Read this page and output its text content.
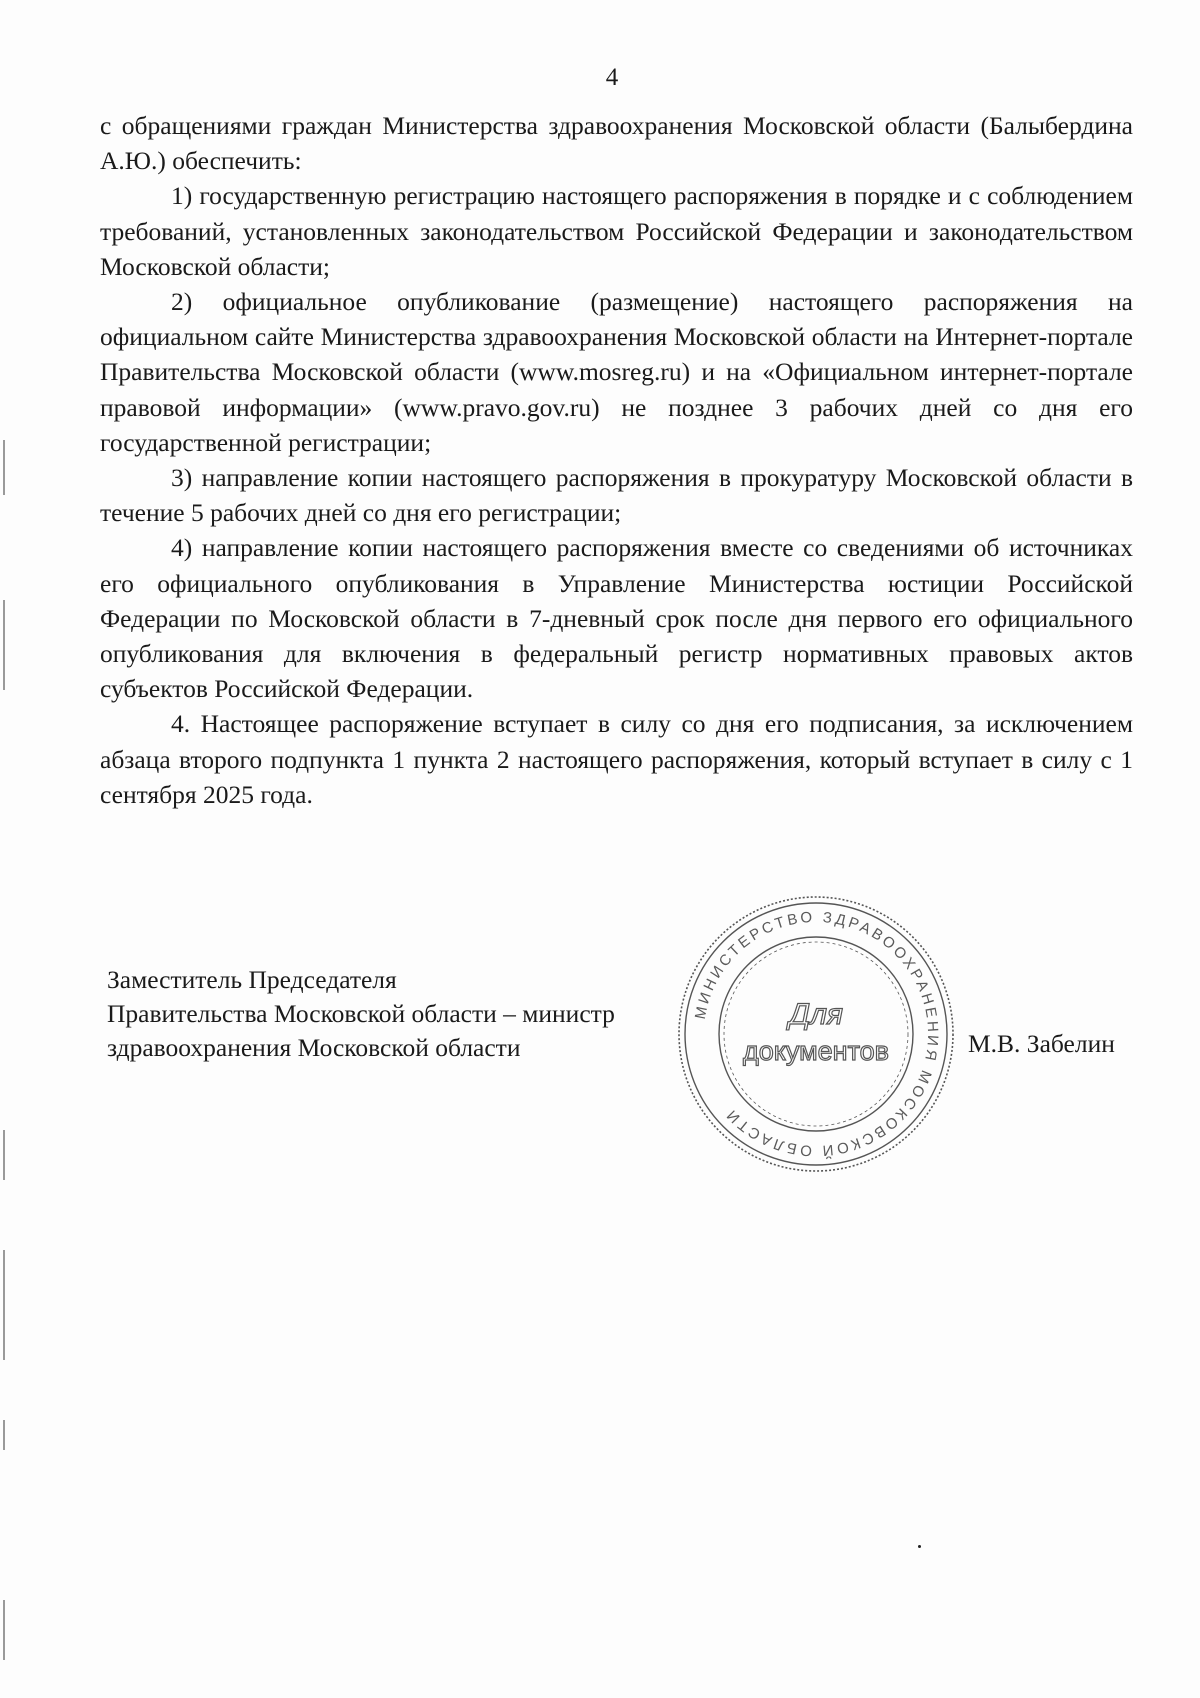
4

с обращениями граждан Министерства здравоохранения Московской области (Балыбердина А.Ю.) обеспечить:

1) государственную регистрацию настоящего распоряжения в порядке и с соблюдением требований, установленных законодательством Российской Федерации и законодательством Московской области;

2) официальное опубликование (размещение) настоящего распоряжения на официальном сайте Министерства здравоохранения Московской области на Интернет-портале Правительства Московской области (www.mosreg.ru) и на «Официальном интернет-портале правовой информации» (www.pravo.gov.ru) не позднее 3 рабочих дней со дня его государственной регистрации;

3) направление копии настоящего распоряжения в прокуратуру Московской области в течение 5 рабочих дней со дня его регистрации;

4) направление копии настоящего распоряжения вместе со сведениями об источниках его официального опубликования в Управление Министерства юстиции Российской Федерации по Московской области в 7-дневный срок после дня первого его официального опубликования для включения в федеральный регистр нормативных правовых актов субъектов Российской Федерации.

4. Настоящее распоряжение вступает в силу со дня его подписания, за исключением абзаца второго подпункта 1 пункта 2 настоящего распоряжения, который вступает в силу с 1 сентября 2025 года.

Заместитель Председателя
Правительства Московской области – министр
здравоохранения Московской области
МИНИСТЕРСТВО ЗДРАВООХРАНЕНИЯ МОСКОВСКОЙ ОБЛАСТИ
Для
документов	М.В. Забелин
